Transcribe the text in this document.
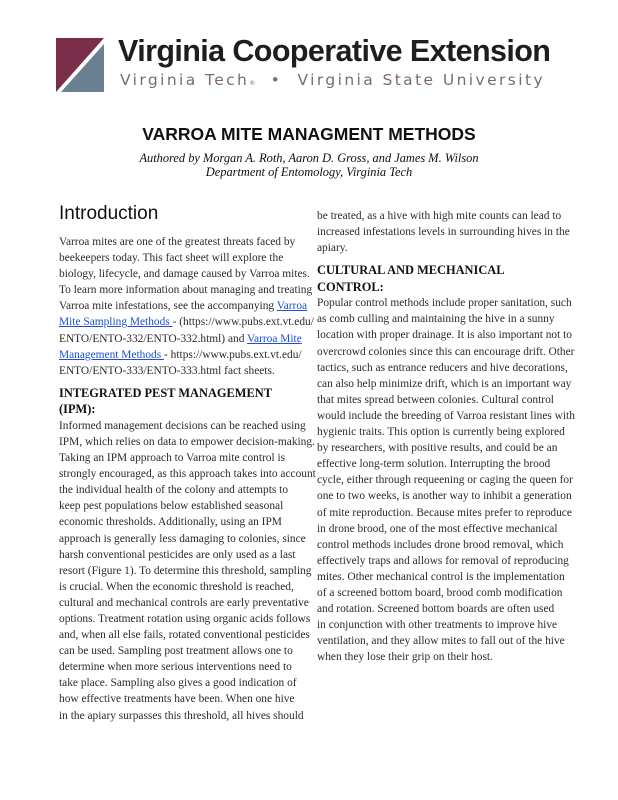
Virginia Cooperative Extension
Virginia Tech® • Virginia State University
VARROA MITE MANAGMENT METHODS
Authored by Morgan A. Roth, Aaron D. Gross, and James M. Wilson
Department of Entomology, Virginia Tech
Introduction
Varroa mites are one of the greatest threats faced by
beekeepers today. This fact sheet will explore the
biology, lifecycle, and damage caused by Varroa mites.
To learn more information about managing and treating
Varroa mite infestations, see the accompanying Varroa
Mite Sampling Methods - (https://www.pubs.ext.vt.edu/
ENTO/ENTO-332/ENTO-332.html) and Varroa Mite
Management Methods - https://www.pubs.ext.vt.edu/
ENTO/ENTO-333/ENTO-333.html fact sheets.
INTEGRATED PEST MANAGEMENT (IPM):
Informed management decisions can be reached using
IPM, which relies on data to empower decision-making.
Taking an IPM approach to Varroa mite control is
strongly encouraged, as this approach takes into account
the individual health of the colony and attempts to
keep pest populations below established seasonal
economic thresholds. Additionally, using an IPM
approach is generally less damaging to colonies, since
harsh conventional pesticides are only used as a last
resort (Figure 1). To determine this threshold, sampling
is crucial. When the economic threshold is reached,
cultural and mechanical controls are early preventative
options. Treatment rotation using organic acids follows
and, when all else fails, rotated conventional pesticides
can be used. Sampling post treatment allows one to
determine when more serious interventions need to
take place. Sampling also gives a good indication of
how effective treatments have been. When one hive
in the apiary surpasses this threshold, all hives should
be treated, as a hive with high mite counts can lead to
increased infestations levels in surrounding hives in the
apiary.
CULTURAL AND MECHANICAL CONTROL:
Popular control methods include proper sanitation, such
as comb culling and maintaining the hive in a sunny
location with proper drainage. It is also important not to
overcrowd colonies since this can encourage drift. Other
tactics, such as entrance reducers and hive decorations,
can also help minimize drift, which is an important way
that mites spread between colonies. Cultural control
would include the breeding of Varroa resistant lines with
hygienic traits. This option is currently being explored
by researchers, with positive results, and could be an
effective long-term solution. Interrupting the brood
cycle, either through requeening or caging the queen for
one to two weeks, is another way to inhibit a generation
of mite reproduction. Because mites prefer to reproduce
in drone brood, one of the most effective mechanical
control methods includes drone brood removal, which
effectively traps and allows for removal of reproducing
mites. Other mechanical control is the implementation
of a screened bottom board, brood comb modification
and rotation. Screened bottom boards are often used
in conjunction with other treatments to improve hive
ventilation, and they allow mites to fall out of the hive
when they lose their grip on their host.
